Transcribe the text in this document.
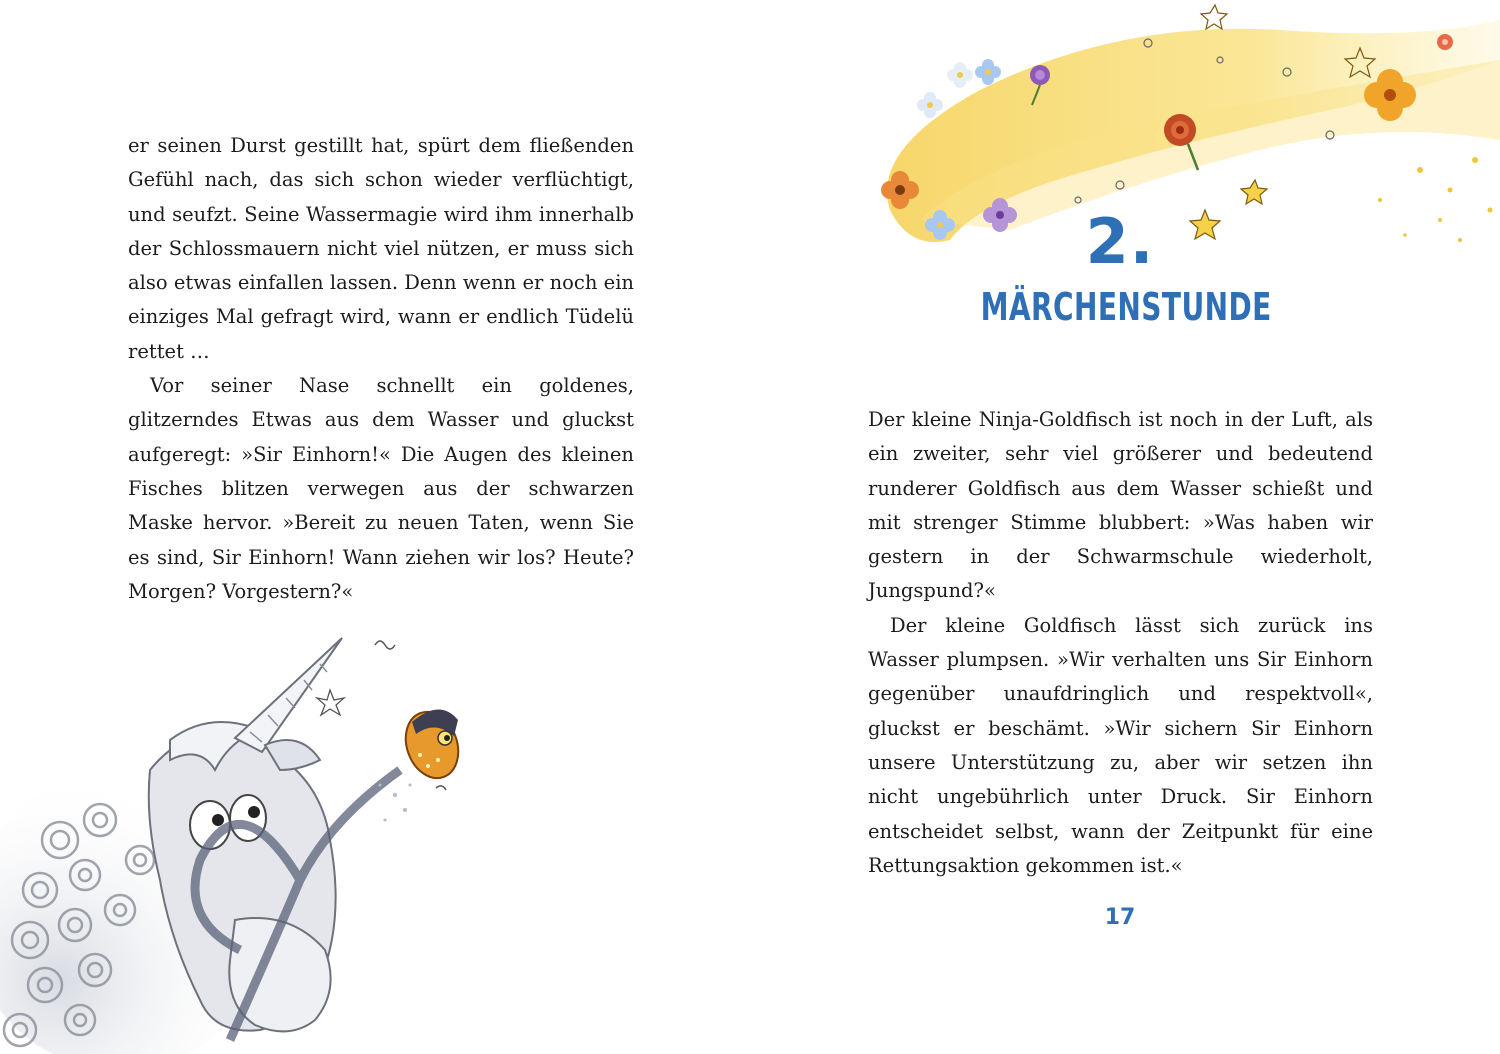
er seinen Durst gestillt hat, spürt dem fließenden Gefühl nach, das sich schon wieder verflüchtigt, und seufzt. Seine Wassermagie wird ihm innerhalb der Schlossmauern nicht viel nützen, er muss sich also etwas einfallen lassen. Denn wenn er noch ein einziges Mal gefragt wird, wann er endlich Tüdelü rettet …

Vor seiner Nase schnellt ein goldenes, glitzerndes Etwas aus dem Wasser und gluckst aufgeregt: »Sir Einhorn!« Die Augen des kleinen Fisches blitzen verwegen aus der schwarzen Maske hervor. »Bereit zu neuen Taten, wenn Sie es sind, Sir Einhorn! Wann ziehen wir los? Heute? Morgen? Vorgestern?«

2.
MÄRCHENSTUNDE

Der kleine Ninja-Goldfisch ist noch in der Luft, als ein zweiter, sehr viel größerer und bedeutend runderer Goldfisch aus dem Wasser schießt und mit strenger Stimme blubbert: »Was haben wir gestern in der Schwarmschule wiederholt, Jungspund?«

Der kleine Goldfisch lässt sich zurück ins Wasser plumpsen. »Wir verhalten uns Sir Einhorn gegenüber unaufdringlich und respektvoll«, gluckst er beschämt. »Wir sichern Sir Einhorn unsere Unterstützung zu, aber wir setzen ihn nicht ungebührlich unter Druck. Sir Einhorn entscheidet selbst, wann der Zeitpunkt für eine Rettungsaktion gekommen ist.«

17
